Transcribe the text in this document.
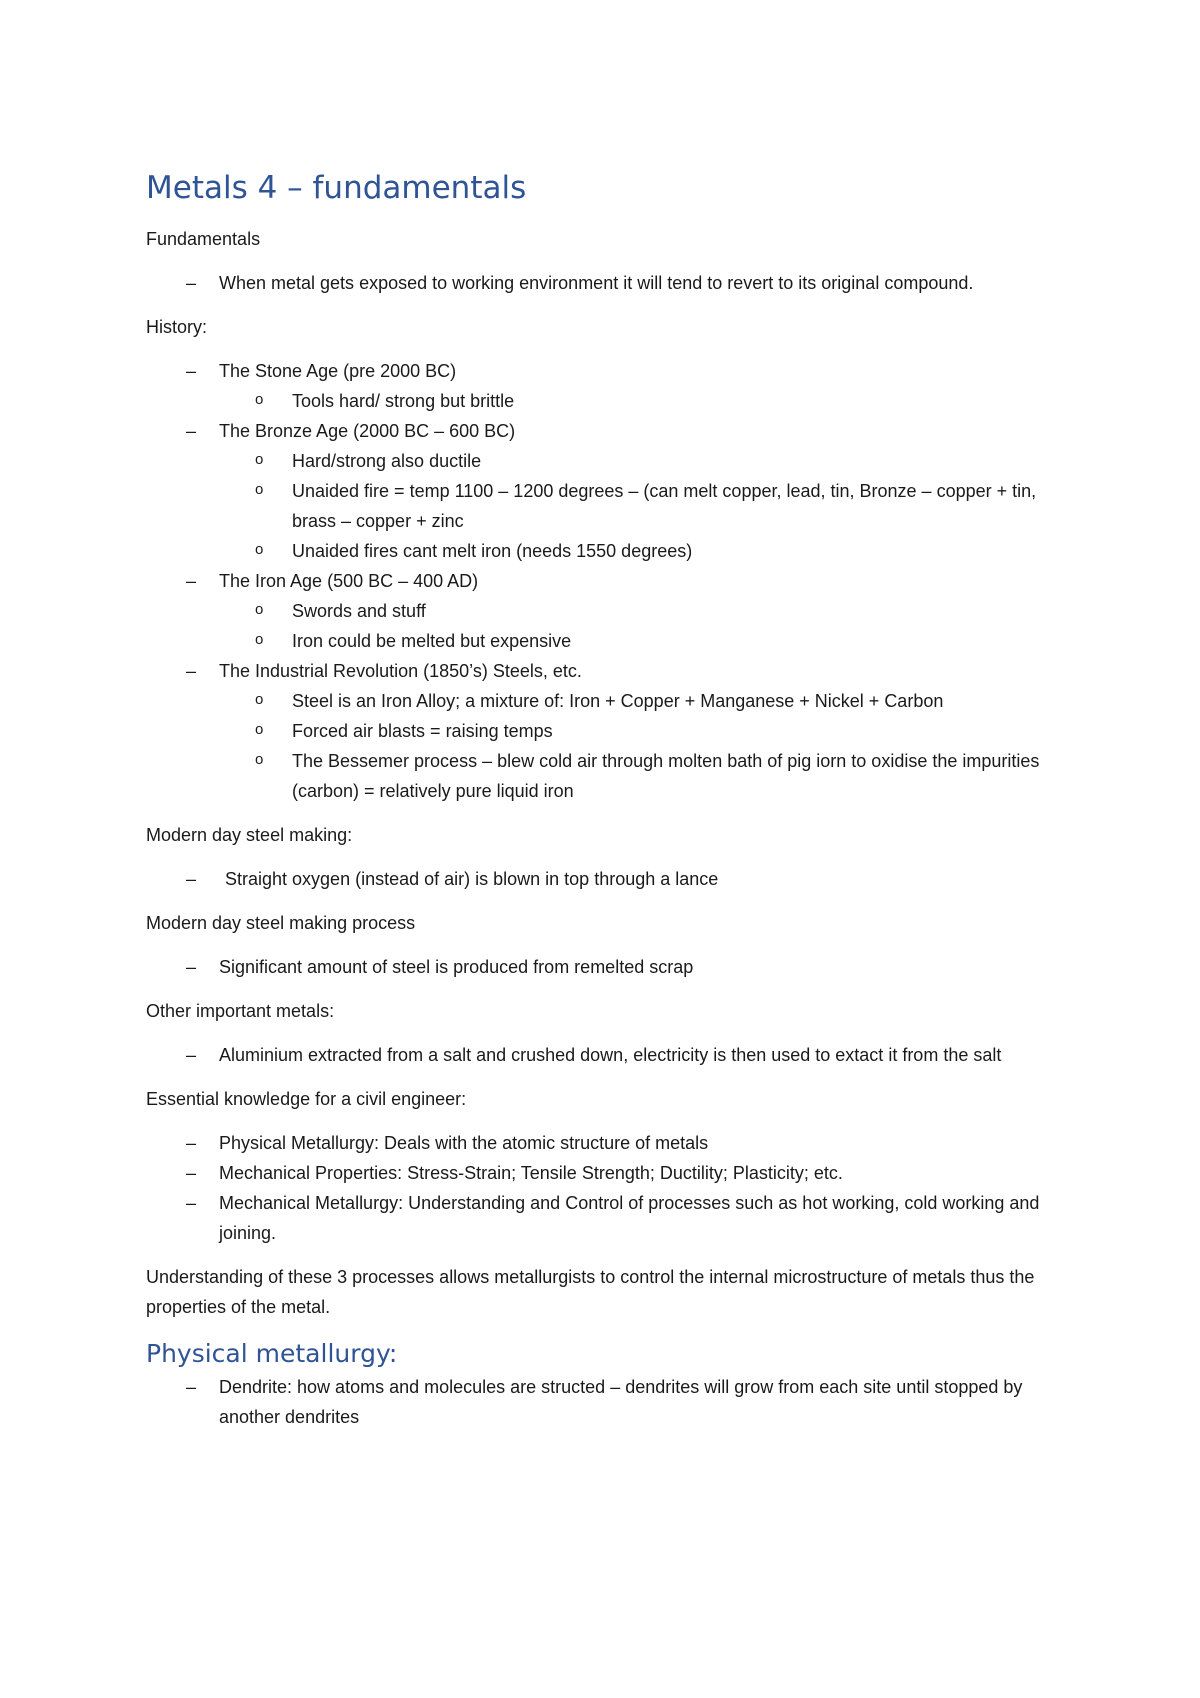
Metals 4 – fundamentals

Fundamentals

–	When metal gets exposed to working environment it will tend to revert to its original compound.

History:

–	The Stone Age (pre 2000 BC)
o Tools hard/ strong but brittle
–	The Bronze Age (2000 BC – 600 BC)
o Hard/strong also ductile
o Unaided fire = temp 1100 – 1200 degrees – (can melt copper, lead, tin, Bronze – copper + tin, brass – copper + zinc
o Unaided fires cant melt iron (needs 1550 degrees)
–	The Iron Age (500 BC – 400 AD)
o Swords and stuff
o Iron could be melted but expensive
–	The Industrial Revolution (1850’s) Steels, etc.
o Steel is an Iron Alloy; a mixture of: Iron + Copper + Manganese + Nickel + Carbon
o Forced air blasts = raising temps
o The Bessemer process – blew cold air through molten bath of pig iorn to oxidise the impurities (carbon) = relatively pure liquid iron

Modern day steel making:

–	Straight oxygen (instead of air) is blown in top through a lance

Modern day steel making process

–	Significant amount of steel is produced from remelted scrap

Other important metals:

–	Aluminium extracted from a salt and crushed down, electricity is then used to extact it from the salt

Essential knowledge for a civil engineer:

–	Physical Metallurgy: Deals with the atomic structure of metals
–	Mechanical Properties: Stress-Strain; Tensile Strength; Ductility; Plasticity; etc.
–	Mechanical Metallurgy: Understanding and Control of processes such as hot working, cold working and joining.

Understanding of these 3 processes allows metallurgists to control the internal microstructure of metals thus the properties of the metal.

Physical metallurgy:
–	Dendrite: how atoms and molecules are structed – dendrites will grow from each site until stopped by another dendrites
